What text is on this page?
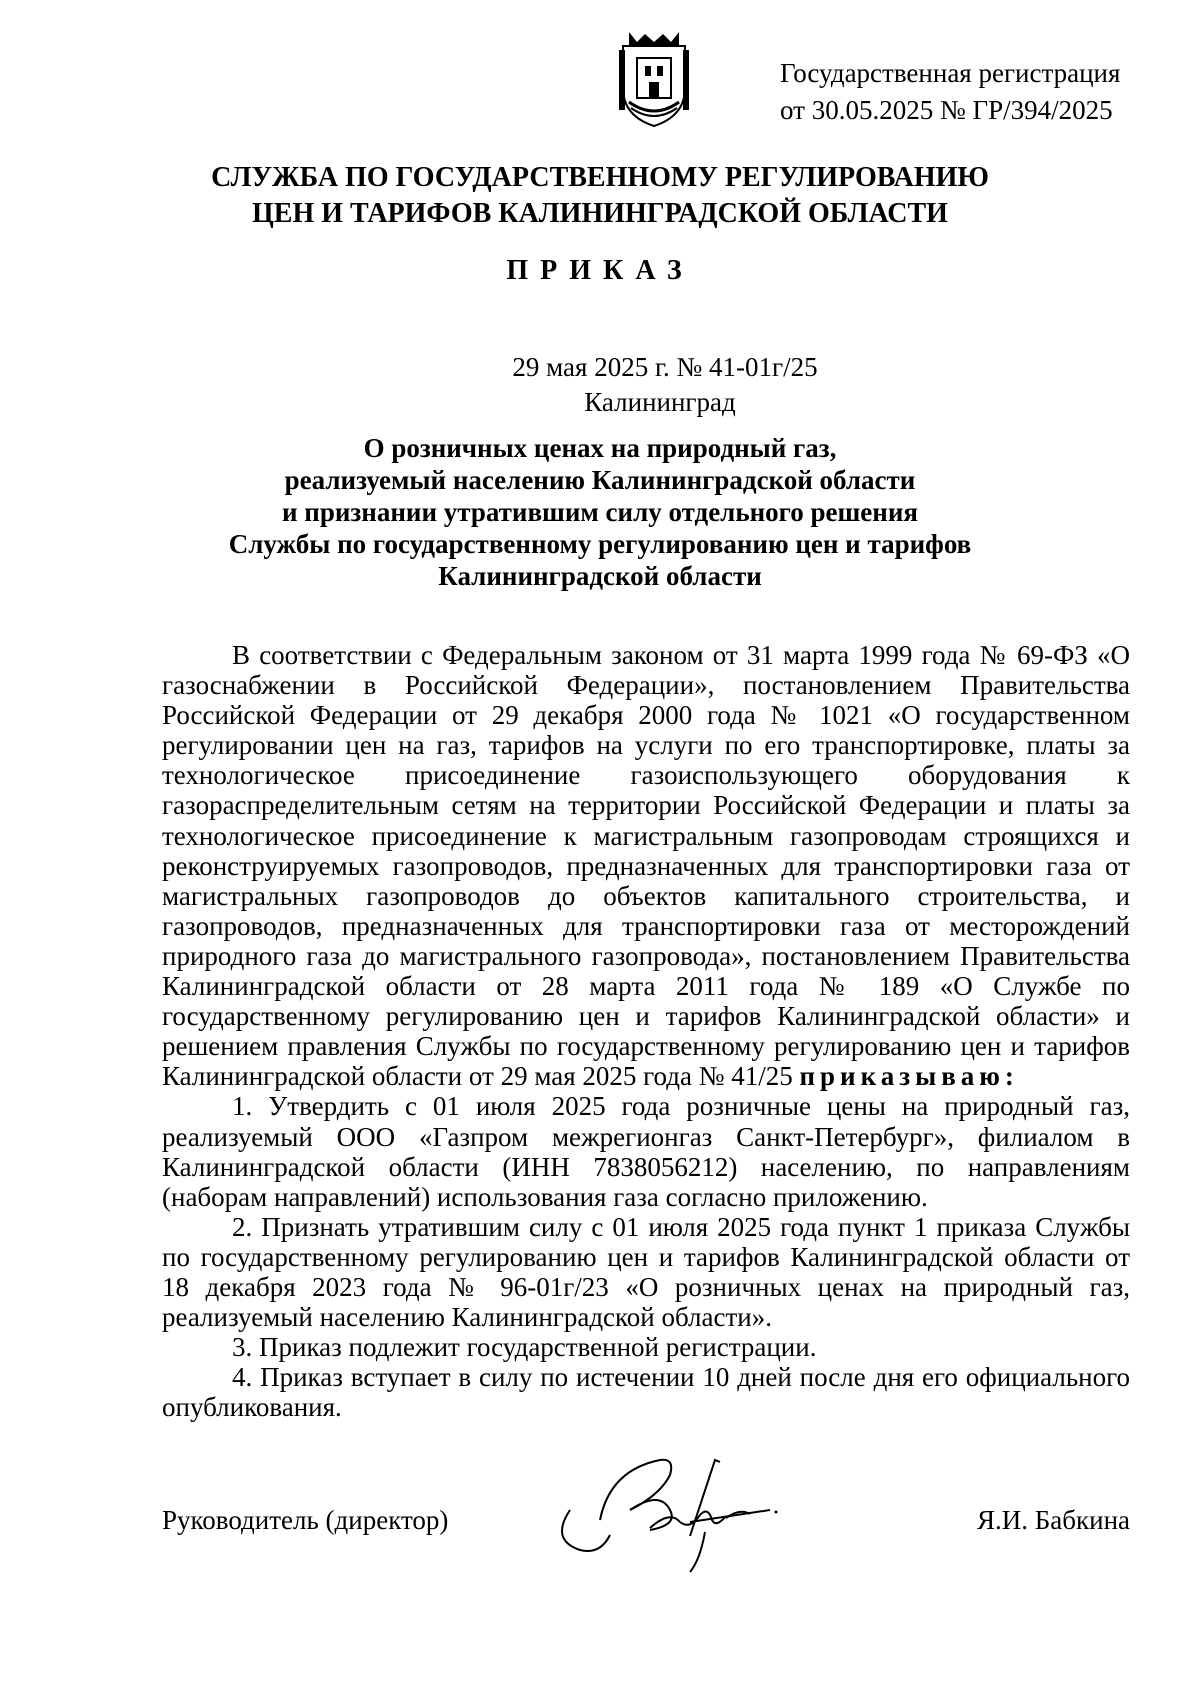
Государственная регистрация
от 30.05.2025 № ГР/394/2025
СЛУЖБА ПО ГОСУДАРСТВЕННОМУ РЕГУЛИРОВАНИЮ
ЦЕН И ТАРИФОВ КАЛИНИНГРАДСКОЙ ОБЛАСТИ
ПРИКАЗ
29 мая 2025 г. № 41-01г/25
Калининград
О розничных ценах на природный газ,
реализуемый населению Калининградской области
и признании утратившим силу отдельного решения
Службы по государственному регулированию цен и тарифов
Калининградской области

В соответствии с Федеральным законом от 31 марта 1999 года № 69-ФЗ «О газоснабжении в Российской Федерации», постановлением Правительства Российской Федерации от 29 декабря 2000 года № 1021 «О государственном регулировании цен на газ, тарифов на услуги по его транспортировке, платы за технологическое присоединение газоиспользующего оборудования к газораспределительным сетям на территории Российской Федерации и платы за технологическое присоединение к магистральным газопроводам строящихся и реконструируемых газопроводов, предназначенных для транспортировки газа от магистральных газопроводов до объектов капитального строительства, и газопроводов, предназначенных для транспортировки газа от месторождений природного газа до магистрального газопровода», постановлением Правительства Калининградской области от 28 марта 2011 года № 189 «О Службе по государственному регулированию цен и тарифов Калининградской области» и решением правления Службы по государственному регулированию цен и тарифов Калининградской области от 29 мая 2025 года № 41/25 приказываю:

1. Утвердить с 01 июля 2025 года розничные цены на природный газ, реализуемый ООО «Газпром межрегионгаз Санкт-Петербург», филиалом в Калининградской области (ИНН 7838056212) населению, по направлениям (наборам направлений) использования газа согласно приложению.

2. Признать утратившим силу с 01 июля 2025 года пункт 1 приказа Службы по государственному регулированию цен и тарифов Калининградской области от 18 декабря 2023 года № 96-01г/23 «О розничных ценах на природный газ, реализуемый населению Калининградской области».

3. Приказ подлежит государственной регистрации.

4. Приказ вступает в силу по истечении 10 дней после дня его официального опубликования.

Руководитель (директор)	Я.И. Бабкина
